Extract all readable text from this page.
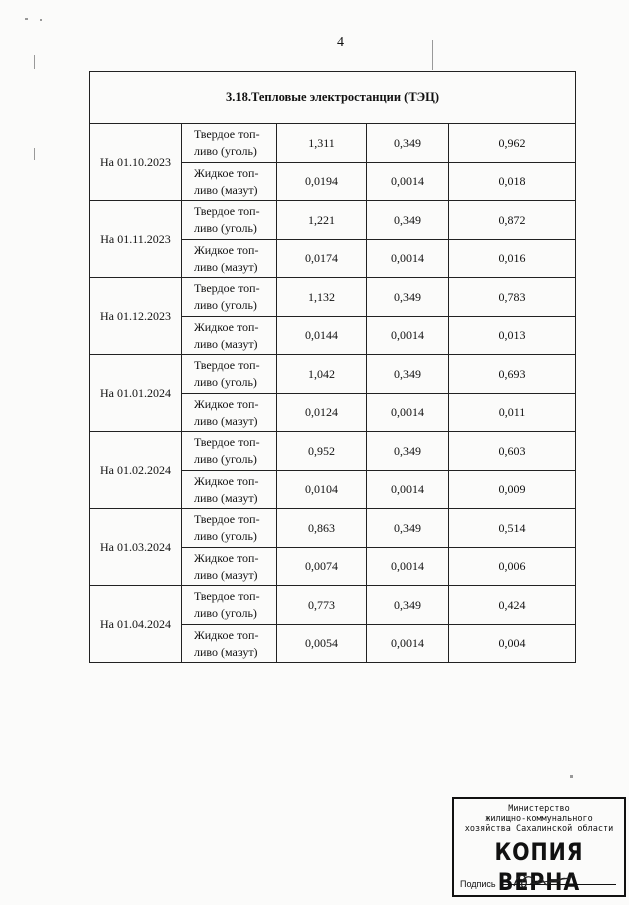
4
3.18.Тепловые электростанции (ТЭЦ)				
На 01.10.2023	Твердое топ-
ливо (уголь)	1,311	0,349	0,962

	Жидкое топ-
ливо (мазут)	0,0194	0,0014	0,018
На 01.11.2023	Твердое топ-
ливо (уголь)	1,221	0,349	0,872

	Жидкое топ-
ливо (мазут)	0,0174	0,0014	0,016
На 01.12.2023	Твердое топ-
ливо (уголь)	1,132	0,349	0,783

	Жидкое топ-
ливо (мазут)	0,0144	0,0014	0,013
На 01.01.2024	Твердое топ-
ливо (уголь)	1,042	0,349	0,693

	Жидкое топ-
ливо (мазут)	0,0124	0,0014	0,011
На 01.02.2024	Твердое топ-
ливо (уголь)	0,952	0,349	0,603

	Жидкое топ-
ливо (мазут)	0,0104	0,0014	0,009
На 01.03.2024	Твердое топ-
ливо (уголь)	0,863	0,349	0,514

	Жидкое топ-
ливо (мазут)	0,0074	0,0014	0,006
На 01.04.2024	Твердое топ-
ливо (уголь)	0,773	0,349	0,424

	Жидкое топ-
ливо (мазут)	0,0054	0,0014	0,004
Министерство
жилищно-коммунального
хозяйства Сахалинской области
КОПИЯ ВЕРНА
Подпись
